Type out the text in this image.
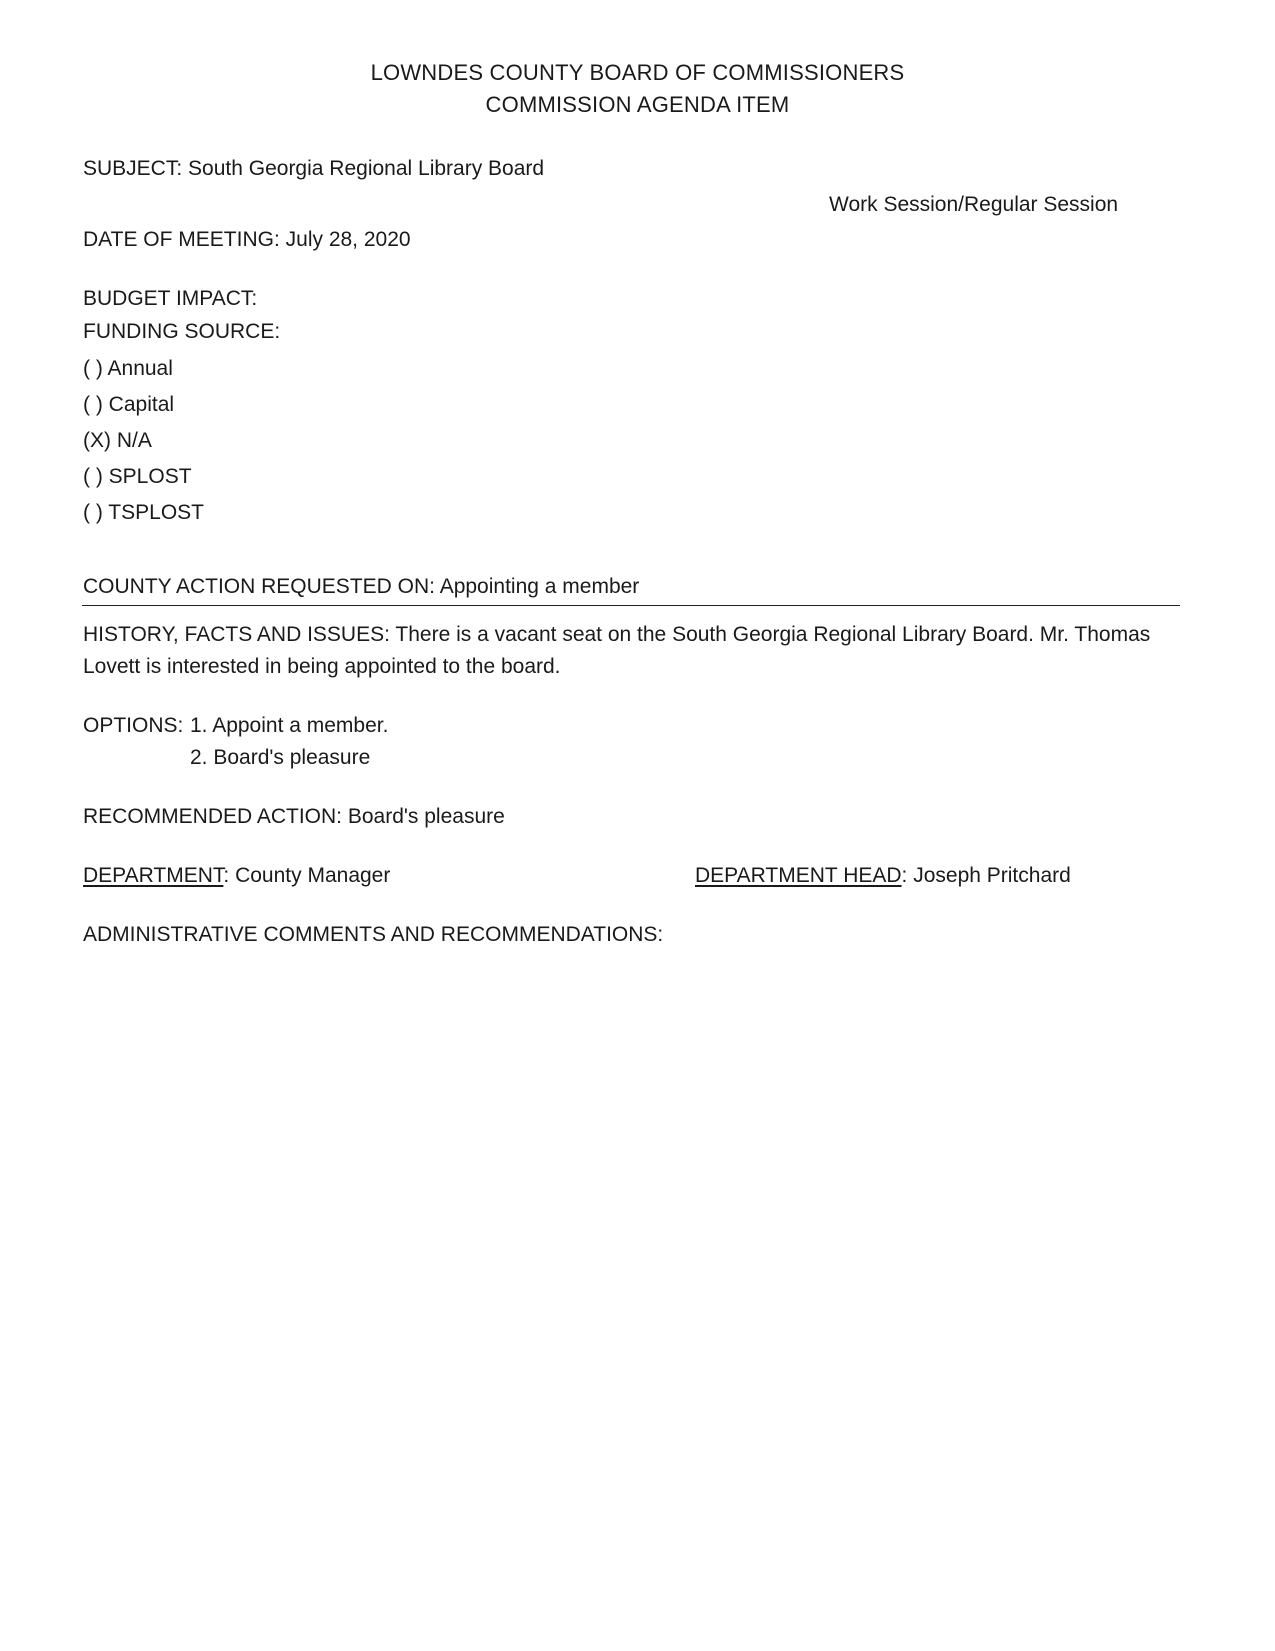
LOWNDES COUNTY BOARD OF COMMISSIONERS
COMMISSION AGENDA ITEM
SUBJECT: South Georgia Regional Library Board
Work Session/Regular Session
DATE OF MEETING: July 28, 2020
BUDGET IMPACT:
FUNDING SOURCE:
( ) Annual
( ) Capital
(X) N/A
( ) SPLOST
( ) TSPLOST
COUNTY ACTION REQUESTED ON: Appointing a member
HISTORY, FACTS AND ISSUES: There is a vacant seat on the South Georgia Regional Library Board. Mr. Thomas
Lovett is interested in being appointed to the board.
OPTIONS: 1. Appoint a member.
2. Board's pleasure
RECOMMENDED ACTION: Board's pleasure
DEPARTMENT: County Manager	DEPARTMENT HEAD: Joseph Pritchard
ADMINISTRATIVE COMMENTS AND RECOMMENDATIONS:
